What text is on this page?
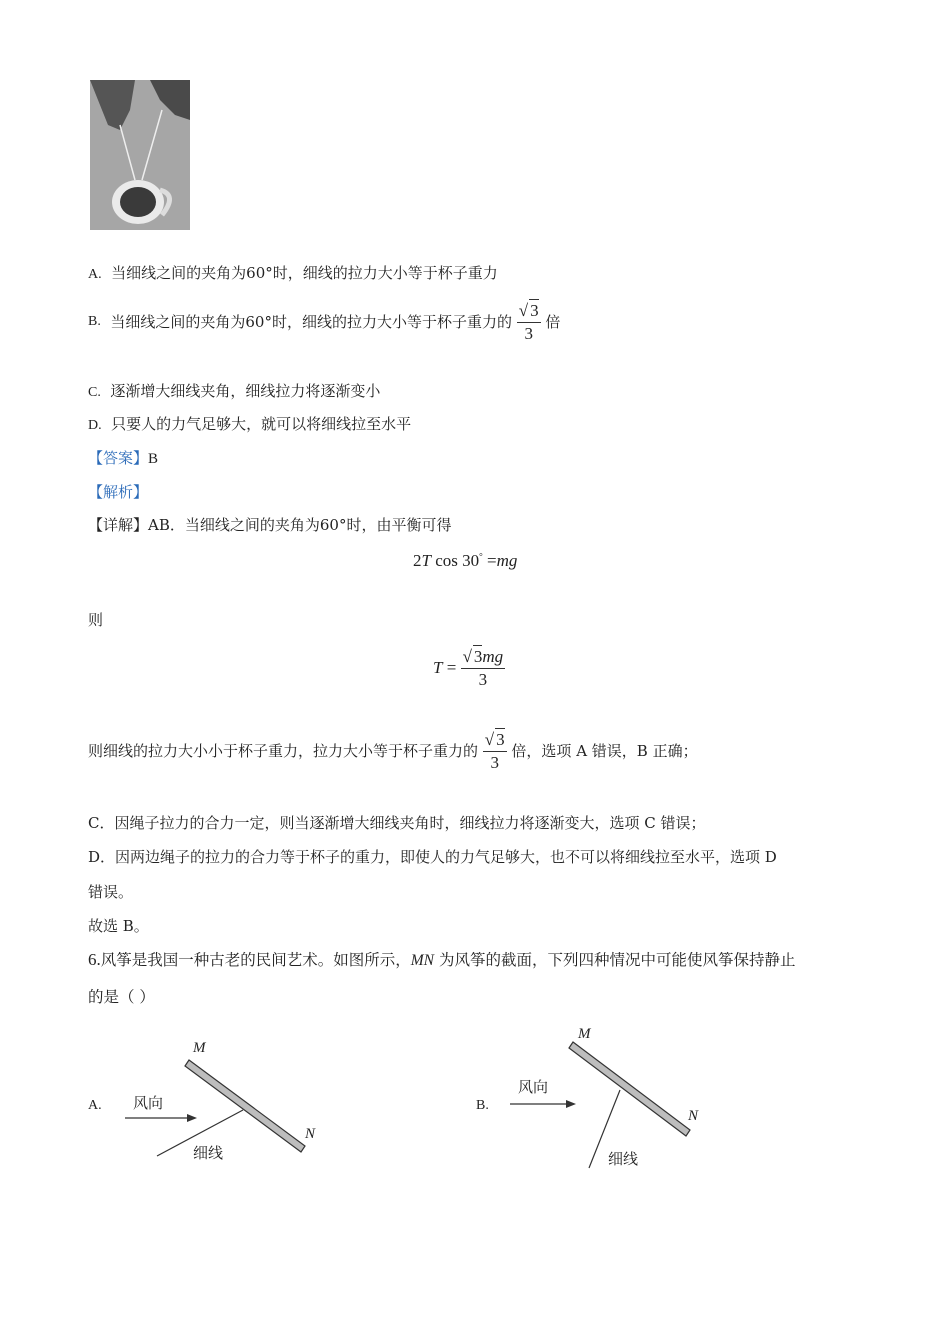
A. 当细线之间的夹角为60°时，细线的拉力大小等于杯子重力
B. 当细线之间的夹角为60°时，细线的拉力大小等于杯子重力的 $\frac{√ 3}{3}$ 倍
C. 逐渐增大细线夹角，细线拉力将逐渐变小
D. 只要人的力气足够大，就可以将细线拉至水平
【答案】B
【解析】
【详解】AB．当细线之间的夹角为60°时，由平衡可得
2T cos 30° =mg
则
$T = \frac{√ 3mg}{3}$
则细线的拉力大小小于杯子重力，拉力大小等于杯子重力的 $\frac{√ 3}{3}$ 倍，选项 A 错误，B 正确；
C．因绳子拉力的合力一定，则当逐渐增大细线夹角时，细线拉力将逐渐变大，选项 C 错误；
D．因两边绳子的拉力的合力等于杯子的重力，即使人的力气足够大，也不可以将细线拉至水平，选项 D
错误。
故选 B。
6.风筝是我国一种古老的民间艺术。如图所示，MN 为风筝的截面，下列四种情况中可能使风筝保持静止
的是（ ）
A.
M
N
风向
细线
B.
M
N
风向
细线
